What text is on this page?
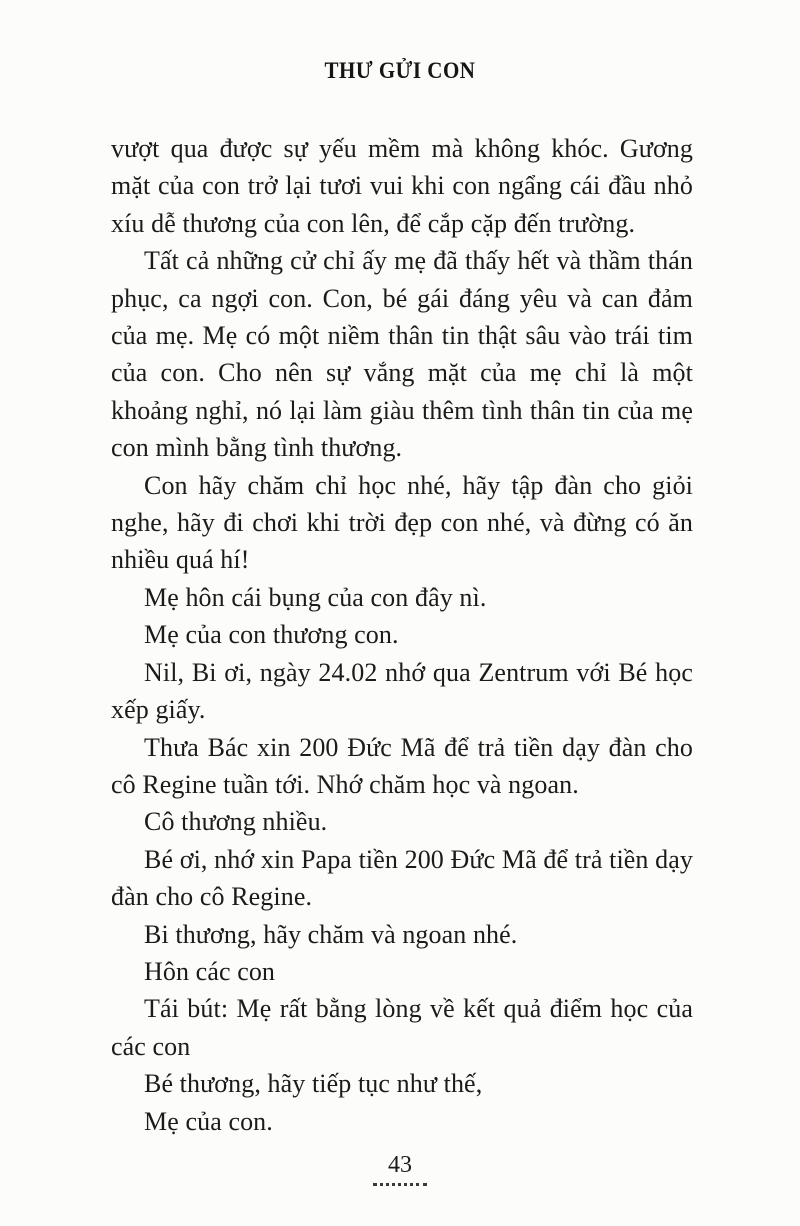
THƯ GỬI CON

vượt qua được sự yếu mềm mà không khóc. Gương mặt của con trở lại tươi vui khi con ngẩng cái đầu nhỏ xíu dễ thương của con lên, để cắp cặp đến trường.

Tất cả những cử chỉ ấy mẹ đã thấy hết và thầm thán phục, ca ngợi con. Con, bé gái đáng yêu và can đảm của mẹ. Mẹ có một niềm thân tin thật sâu vào trái tim của con. Cho nên sự vắng mặt của mẹ chỉ là một khoảng nghỉ, nó lại làm giàu thêm tình thân tin của mẹ con mình bằng tình thương.

Con hãy chăm chỉ học nhé, hãy tập đàn cho giỏi nghe, hãy đi chơi khi trời đẹp con nhé, và đừng có ăn nhiều quá hí!

Mẹ hôn cái bụng của con đây nì.

Mẹ của con thương con.

Nil, Bi ơi, ngày 24.02 nhớ qua Zentrum với Bé học xếp giấy.

Thưa Bác xin 200 Đức Mã để trả tiền dạy đàn cho cô Regine tuần tới. Nhớ chăm học và ngoan.

Cô thương nhiều.

Bé ơi, nhớ xin Papa tiền 200 Đức Mã để trả tiền dạy đàn cho cô Regine.

Bi thương, hãy chăm và ngoan nhé.

Hôn các con

Tái bút: Mẹ rất bằng lòng về kết quả điểm học của các con

Bé thương, hãy tiếp tục như thế,

Mẹ của con.

43
